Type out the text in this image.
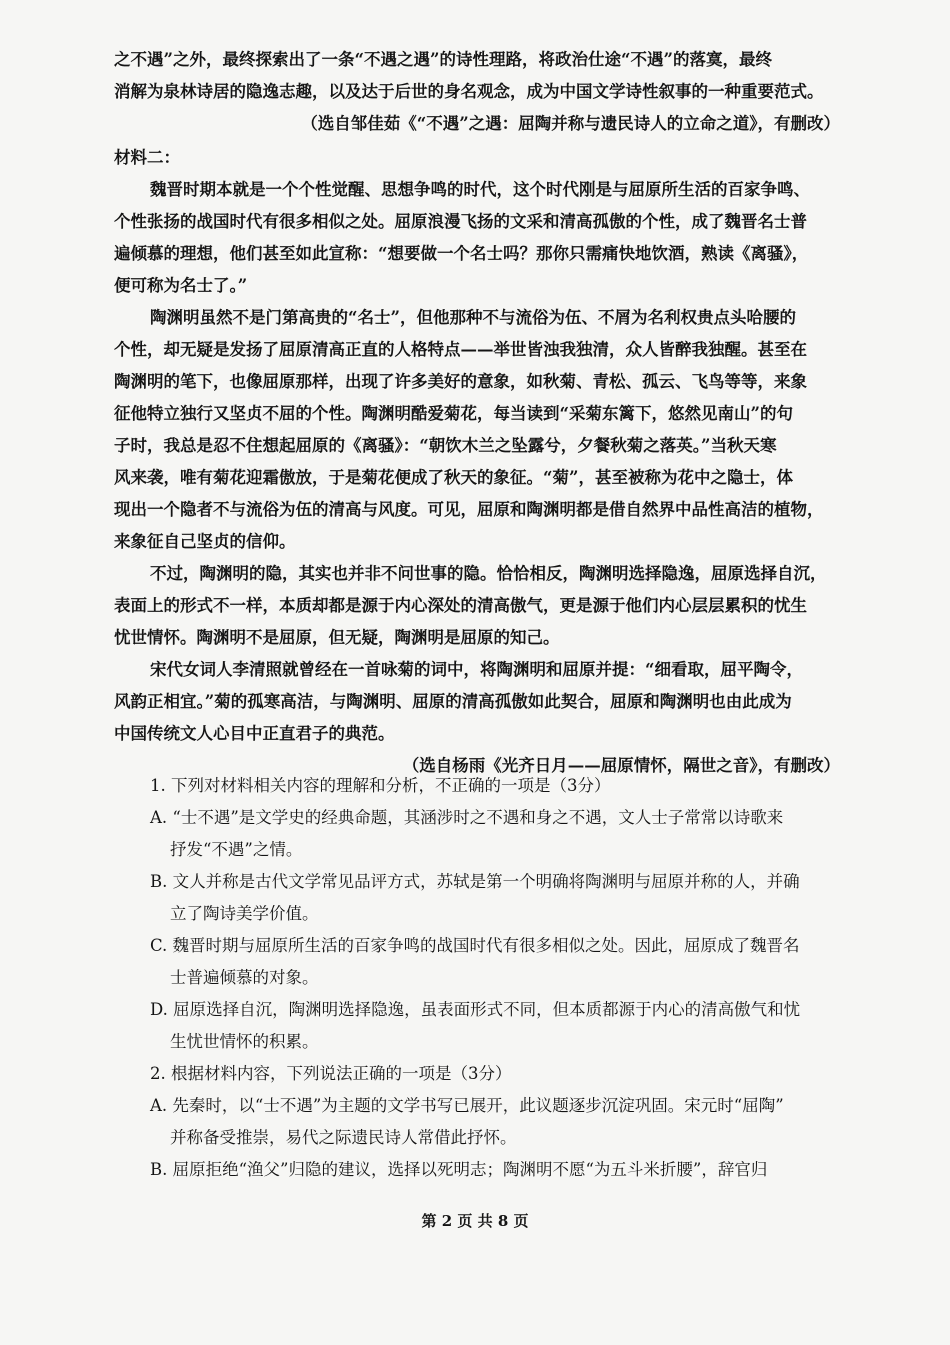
之不遇”之外，最终探索出了一条“不遇之遇”的诗性理路，将政治仕途“不遇”的落寞，最终

消解为泉林诗居的隐逸志趣，以及达于后世的身名观念，成为中国文学诗性叙事的一种重要范式。

（选自邹佳茹《“不遇”之遇：屈陶并称与遗民诗人的立命之道》，有删改）

材料二：

魏晋时期本就是一个个性觉醒、思想争鸣的时代，这个时代刚是与屈原所生活的百家争鸣、

个性张扬的战国时代有很多相似之处。屈原浪漫飞扬的文采和清高孤傲的个性，成了魏晋名士普

遍倾慕的理想，他们甚至如此宣称：“想要做一个名士吗？那你只需痛快地饮酒，熟读《离骚》，

便可称为名士了。”

陶渊明虽然不是门第高贵的“名士”，但他那种不与流俗为伍、不屑为名利权贵点头哈腰的

个性，却无疑是发扬了屈原清高正直的人格特点——举世皆浊我独清，众人皆醉我独醒。甚至在

陶渊明的笔下，也像屈原那样，出现了许多美好的意象，如秋菊、青松、孤云、飞鸟等等，来象

征他特立独行又坚贞不屈的个性。陶渊明酷爱菊花，每当读到“采菊东篱下，悠然见南山”的句

子时，我总是忍不住想起屈原的《离骚》：“朝饮木兰之坠露兮，夕餐秋菊之落英。”当秋天寒

风来袭，唯有菊花迎霜傲放，于是菊花便成了秋天的象征。“菊”，甚至被称为花中之隐士，体

现出一个隐者不与流俗为伍的清高与风度。可见，屈原和陶渊明都是借自然界中品性高洁的植物，

来象征自己坚贞的信仰。

不过，陶渊明的隐，其实也并非不问世事的隐。恰恰相反，陶渊明选择隐逸，屈原选择自沉，

表面上的形式不一样，本质却都是源于内心深处的清高傲气，更是源于他们内心层层累积的忧生

忧世情怀。陶渊明不是屈原，但无疑，陶渊明是屈原的知己。

宋代女词人李清照就曾经在一首咏菊的词中，将陶渊明和屈原并提：“细看取，屈平陶令，

风韵正相宜。”菊的孤寒高洁，与陶渊明、屈原的清高孤傲如此契合，屈原和陶渊明也由此成为

中国传统文人心目中正直君子的典范。

（选自杨雨《光齐日月——屈原情怀，隔世之音》，有删改）

1. 下列对材料相关内容的理解和分析，不正确的一项是（3分）

A. “士不遇”是文学史的经典命题，其涵涉时之不遇和身之不遇，文人士子常常以诗歌来

抒发“不遇”之情。

B. 文人并称是古代文学常见品评方式，苏轼是第一个明确将陶渊明与屈原并称的人，并确

立了陶诗美学价值。

C. 魏晋时期与屈原所生活的百家争鸣的战国时代有很多相似之处。因此，屈原成了魏晋名

士普遍倾慕的对象。

D. 屈原选择自沉，陶渊明选择隐逸，虽表面形式不同，但本质都源于内心的清高傲气和忧

生忧世情怀的积累。

2. 根据材料内容，下列说法正确的一项是（3分）

A. 先秦时，以“士不遇”为主题的文学书写已展开，此议题逐步沉淀巩固。宋元时“屈陶”

并称备受推崇，易代之际遗民诗人常借此抒怀。

B. 屈原拒绝“渔父”归隐的建议，选择以死明志；陶渊明不愿“为五斗米折腰”，辞官归

第 2 页 共 8 页
